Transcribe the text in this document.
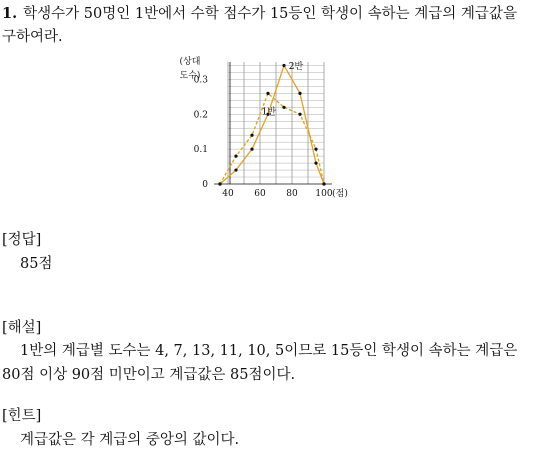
1. 학생수가 50명인 1반에서 수학 점수가 15등인 학생이 속하는 계급의 계급값을 구하여라.
0
0.1
0.2
0.3
40 60 80 100 (점)
(상대
도수)
1반
2반
[정답]
85점
[해설]
1반의 계급별 도수는 4, 7, 13, 11, 10, 5이므로 15등인 학생이 속하는 계급은 80점 이상 90점 미만이고 계급값은 85점이다.
[힌트]
계급값은 각 계급의 중앙의 값이다.
